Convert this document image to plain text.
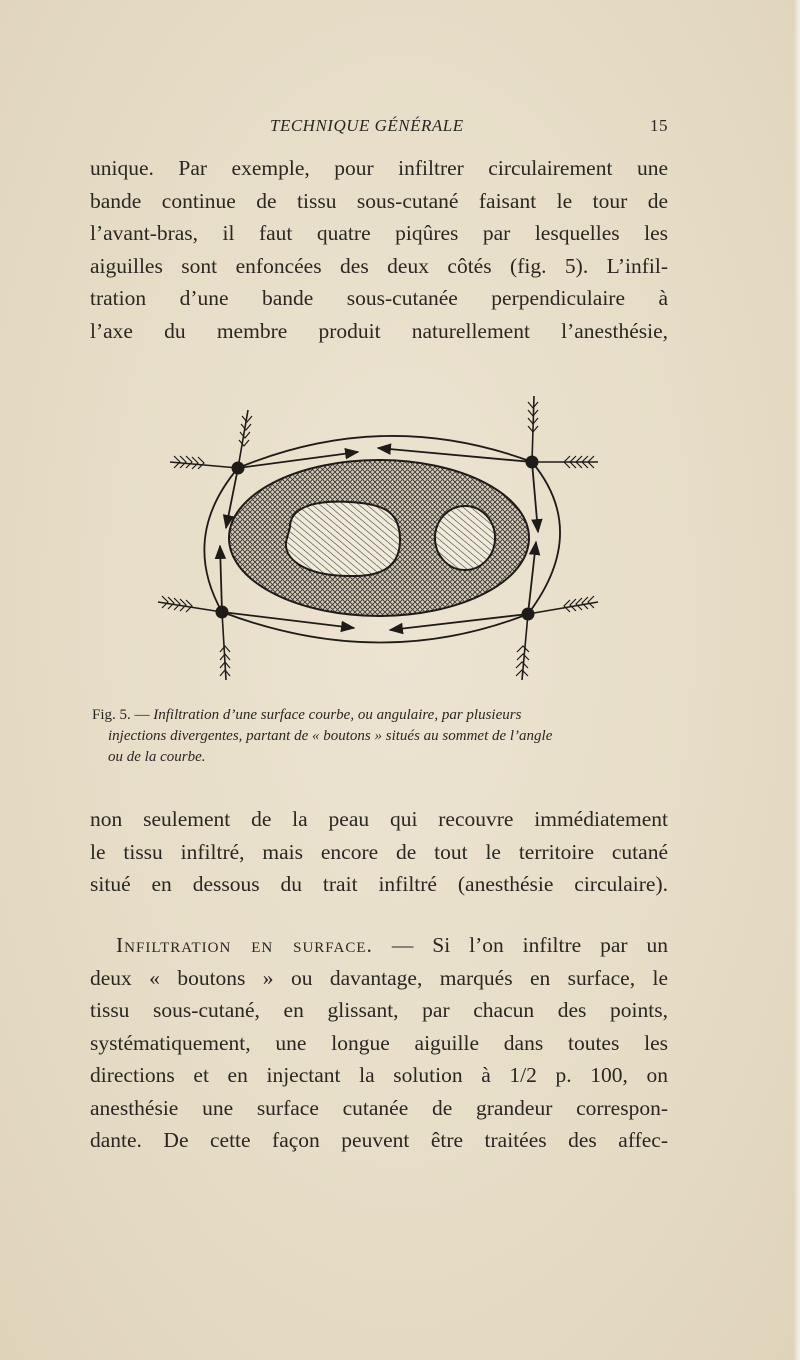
TECHNIQUE GÉNÉRALE	15

unique. Par exemple, pour infiltrer circulairement une
bande continue de tissu sous-cutané faisant le tour de
l’avant-bras, il faut quatre piqûres par lesquelles les
aiguilles sont enfoncées des deux côtés (fig. 5). L’infil-
tration d’une bande sous-cutanée perpendiculaire à
l’axe du membre produit naturellement l’anesthésie,

Fig. 5. — Infiltration d’une surface courbe, ou angulaire, par plusieurs
injections divergentes, partant de « boutons » situés au sommet de l’angle
ou de la courbe.

non seulement de la peau qui recouvre immédiatement
le tissu infiltré, mais encore de tout le territoire cutané
situé en dessous du trait infiltré (anesthésie circulaire).

Infiltration en surface. — Si l’on infiltre par un
deux « boutons » ou davantage, marqués en surface, le
tissu sous-cutané, en glissant, par chacun des points,
systématiquement, une longue aiguille dans toutes les
directions et en injectant la solution à 1/2 p. 100, on
anesthésie une surface cutanée de grandeur correspon-
dante. De cette façon peuvent être traitées des affec-
